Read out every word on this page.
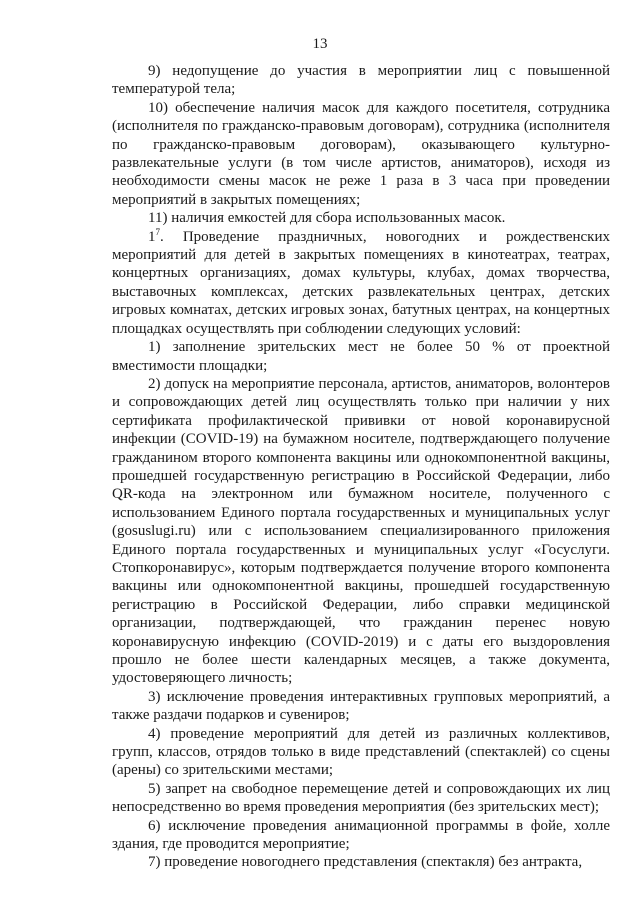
13

9) недопущение до участия в мероприятии лиц с повышенной температурой тела;

10) обеспечение наличия масок для каждого посетителя, сотрудника (исполнителя по гражданско-правовым договорам), сотрудника (исполнителя по гражданско-правовым договорам), оказывающего культурно-развлекательные услуги (в том числе артистов, аниматоров), исходя из необходимости смены масок не реже 1 раза в 3 часа при проведении мероприятий в закрытых помещениях;

11) наличия емкостей для сбора использованных масок.

$1^7$. Проведение праздничных, новогодних и рождественских мероприятий для детей в закрытых помещениях в кинотеатрах, театрах, концертных организациях, домах культуры, клубах, домах творчества, выставочных комплексах, детских развлекательных центрах, детских игровых комнатах, детских игровых зонах, батутных центрах, на концертных площадках осуществлять при соблюдении следующих условий:

1) заполнение зрительских мест не более 50 % от проектной вместимости площадки;

2) допуск на мероприятие персонала, артистов, аниматоров, волонтеров и сопровождающих детей лиц осуществлять только при наличии у них сертификата профилактической прививки от новой коронавирусной инфекции (COVID-19) на бумажном носителе, подтверждающего получение гражданином второго компонента вакцины или однокомпонентной вакцины, прошедшей государственную регистрацию в Российской Федерации, либо QR-кода на электронном или бумажном носителе, полученного с использованием Единого портала государственных и муниципальных услуг (gosuslugi.ru) или с использованием специализированного приложения Единого портала государственных и муниципальных услуг «Госуслуги. Стопкоронавирус», которым подтверждается получение второго компонента вакцины или однокомпонентной вакцины, прошедшей государственную регистрацию в Российской Федерации, либо справки медицинской организации, подтверждающей, что гражданин перенес новую коронавирусную инфекцию (COVID-2019) и с даты его выздоровления прошло не более шести календарных месяцев, а также документа, удостоверяющего личность;

3) исключение проведения интерактивных групповых мероприятий, а также раздачи подарков и сувениров;

4) проведение мероприятий для детей из различных коллективов, групп, классов, отрядов только в виде представлений (спектаклей) со сцены (арены) со зрительскими местами;

5) запрет на свободное перемещение детей и сопровождающих их лиц непосредственно во время проведения мероприятия (без зрительских мест);

6) исключение проведения анимационной программы в фойе, холле здания, где проводится мероприятие;

7) проведение новогоднего представления (спектакля) без антракта,
